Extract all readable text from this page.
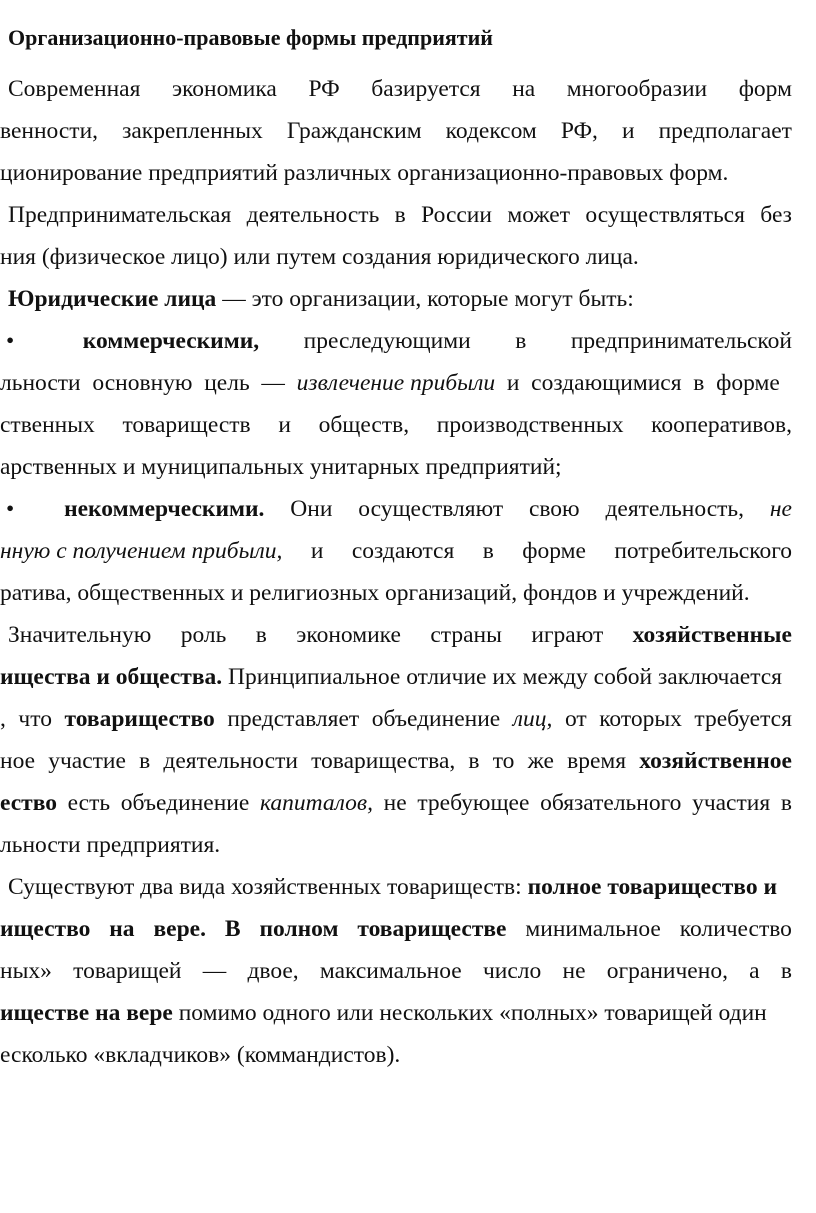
Организационно-правовые формы предприятий
Современная экономика РФ базируется на многообразии форм
венности, закрепленных Гражданским кодексом РФ, и предполагает
ционирование предприятий различных организационно-правовых форм.
Предпринимательская деятельность в России может осуществляться без
ния (физическое лицо) или путем создания юридического лица.
Юридические лица — это организации, которые могут быть:
•	коммерческими, преследующими в предпринимательской
льности основную цель — извлечение прибыли и создающимися в форме
ственных товариществ и обществ, производственных кооперативов,
арственных и муниципальных унитарных предприятий;
• некоммерческими. Они осуществляют свою деятельность, не
нную с получением прибыли, и создаются в форме потребительского
ратива, общественных и религиозных организаций, фондов и учреждений.
Значительную роль в экономике страны играют хозяйственные
ищества и общества. Принципиальное отличие их между собой заключается
, что товарищество представляет объединение лиц, от которых требуется
ное участие в деятельности товарищества, в то же время хозяйственное
ество есть объединение капиталов, не требующее обязательного участия в
льности предприятия.
Существуют два вида хозяйственных товариществ: полное товарищество и
ищество на вере. В полном товариществе минимальное количество
ных» товарищей — двое, максимальное число не ограничено, а в
иществе на вере помимо одного или нескольких «полных» товарищей один
есколько «вкладчиков» (коммандистов).
